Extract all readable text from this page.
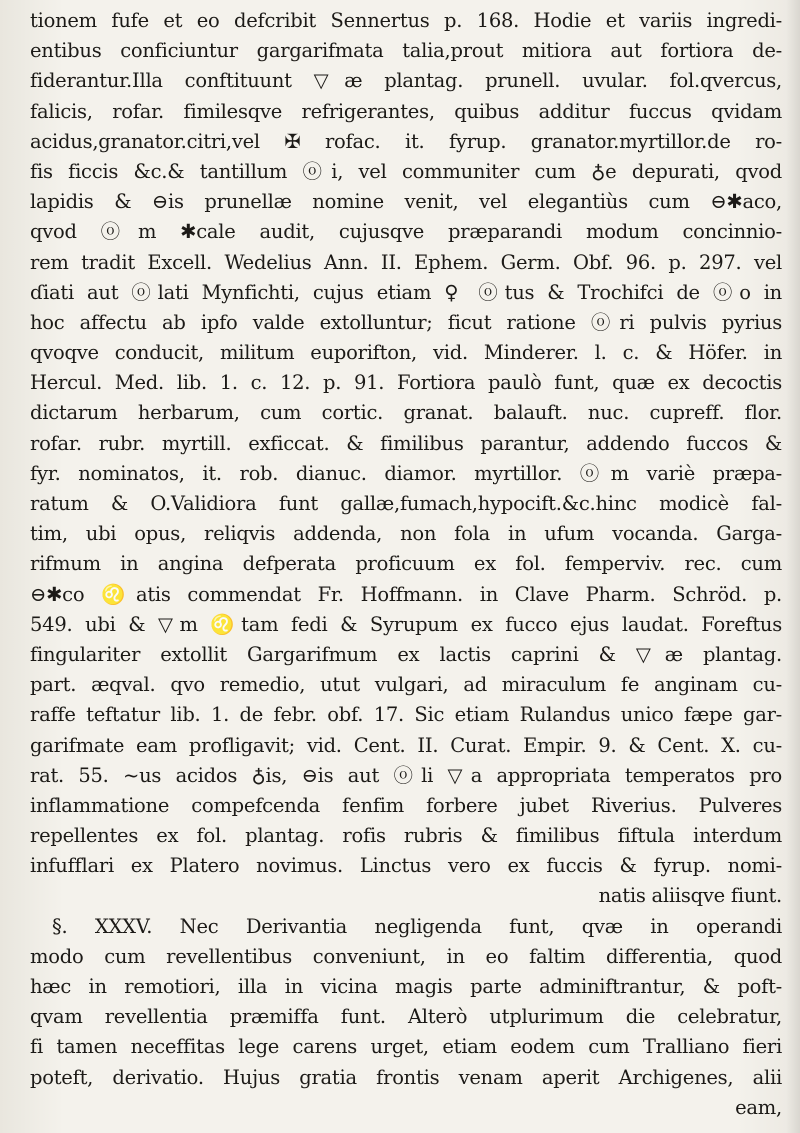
tionem fufe et eo defcribit Sennertus p. 168. Hodie et variis ingredi-
entibus conficiuntur gargarifmata talia,prout mitiora aut fortiora de-
fiderantur.Illa conftituunt ▽æ plantag. prunell. uvular. fol.qvercus,
falicis, rofar. fimilesqve refrigerantes, quibus additur fuccus qvidam
acidus,granator.citri,vel ✠ rofac. it. fyrup. granator.myrtillor.de ro-
fis ficcis &c.& tantillum ⓞi, vel communiter cum ♁e depurati, qvod
lapidis & ⊖is prunellæ nomine venit, vel elegantiùs cum ⊖✱aco,
qvod ⓞm ✱cale audit, cujusqve præparandi modum concinnio-
rem tradit Excell. Wedelius Ann. II. Ephem. Germ. Obf. 96. p. 297. vel
ɗiati aut ⓞlati Mynfichti, cujus etiam ♀ ⓞtus & Trochifci de ⓞo in
hoc affectu ab ipfo valde extolluntur; ficut ratione ⓞri pulvis pyrius
qvoqve conducit, militum euporifton, vid. Minderer. l. c. & Höfer. in
Hercul. Med. lib. 1. c. 12. p. 91. Fortiora paulò funt, quæ ex decoctis
dictarum herbarum, cum cortic. granat. balauft. nuc. cupreff. flor.
rofar. rubr. myrtill. exficcat. & fimilibus parantur, addendo fuccos &
fyr. nominatos, it. rob. dianuc. diamor. myrtillor. ⓞm variè præpa-
ratum & O.Validiora funt gallæ,fumach,hypocift.&c.hinc modicè fal-
tim, ubi opus, reliqvis addenda, non fola in ufum vocanda. Garga-
rifmum in angina defperata proficuum ex fol. femperviv. rec. cum
⊖✱co ♌atis commendat Fr. Hoffmann. in Clave Pharm. Schröd. p.
549. ubi & ▽m ♌tam fedi & Syrupum ex fucco ejus laudat. Foreftus
fingulariter extollit Gargarifmum ex lactis caprini & ▽æ plantag.
part. æqval. qvo remedio, utut vulgari, ad miraculum fe anginam cu-
raffe teftatur lib. 1. de febr. obf. 17. Sic etiam Rulandus unico fæpe gar-
garifmate eam profligavit; vid. Cent. II. Curat. Empir. 9. & Cent. X. cu-
rat. 55. ~us acidos ♁is, ⊖is aut ⓞli ▽a appropriata temperatos pro
inflammatione compefcenda fenfim forbere jubet Riverius. Pulveres
repellentes ex fol. plantag. rofis rubris & fimilibus fiftula interdum
infufflari ex Platero novimus. Linctus vero ex fuccis & fyrup. nomi-
natis aliisqve fiunt.
§. XXXV. Nec Derivantia negligenda funt, qvæ in operandi
modo cum revellentibus conveniunt, in eo faltim differentia, quod
hæc in remotiori, illa in vicina magis parte adminiftrantur, & poft-
qvam revellentia præmiffa funt. Alterò utplurimum die celebratur,
fi tamen neceffitas lege carens urget, etiam eodem cum Tralliano fieri
poteft, derivatio. Hujus gratia frontis venam aperit Archigenes, alii
eam,
